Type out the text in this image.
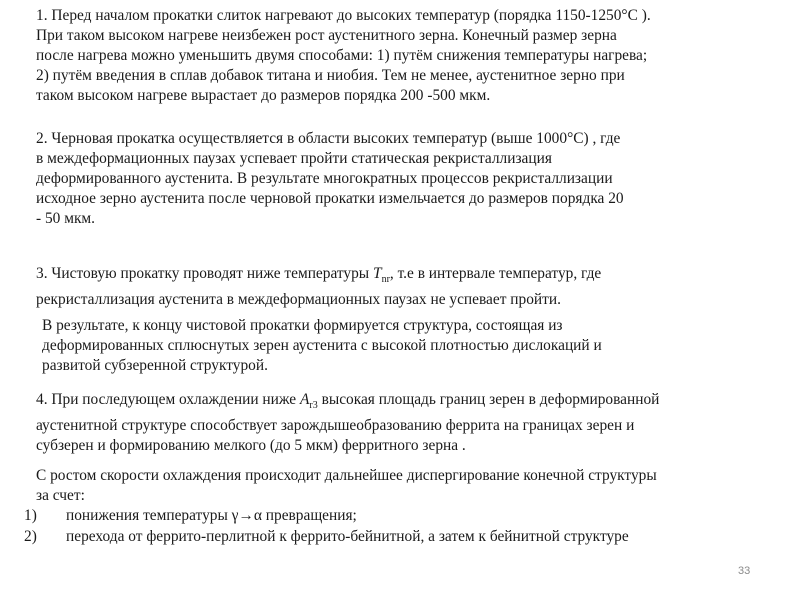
1. Перед началом прокатки слиток нагревают до высоких температур (порядка 1150-1250°С ).
При таком высоком нагреве неизбежен рост аустенитного зерна. Конечный размер зерна
после нагрева можно уменьшить двумя способами: 1) путём снижения температуры нагрева;
2) путём введения в сплав добавок титана и ниобия. Тем не менее, аустенитное зерно при
таком высоком нагреве вырастает до размеров порядка 200 -500 мкм.
2. Черновая прокатка осуществляется в области высоких температур (выше 1000°С) , где
в междеформационных паузах успевает пройти статическая рекристаллизация
деформированного аустенита. В результате многократных процессов рекристаллизации
исходное зерно аустенита после черновой прокатки измельчается до размеров порядка 20
- 50 мкм.
3. Чистовую прокатку проводят ниже температуры $T_{nr}$, т.е в интервале температур, где
рекристаллизация аустенита в междеформационных паузах не успевает пройти.
В результате, к концу чистовой прокатки формируется структура, состоящая из
деформированных сплюснутых зерен аустенита с высокой плотностью дислокаций и
развитой субзеренной структурой.
4. При последующем охлаждении ниже $A_{r3}$ высокая площадь границ зерен в деформированной
аустенитной структуре способствует зарождышеобразованию феррита на границах зерен и
субзерен и формированию мелкого (до 5 мкм) ферритного зерна .
С ростом скорости охлаждения происходит дальнейшее диспергирование конечной структуры
за счет:
1) понижения температуры γ→α превращения;
2) перехода от феррито-перлитной к феррито-бейнитной, а затем к бейнитной структуре
33
